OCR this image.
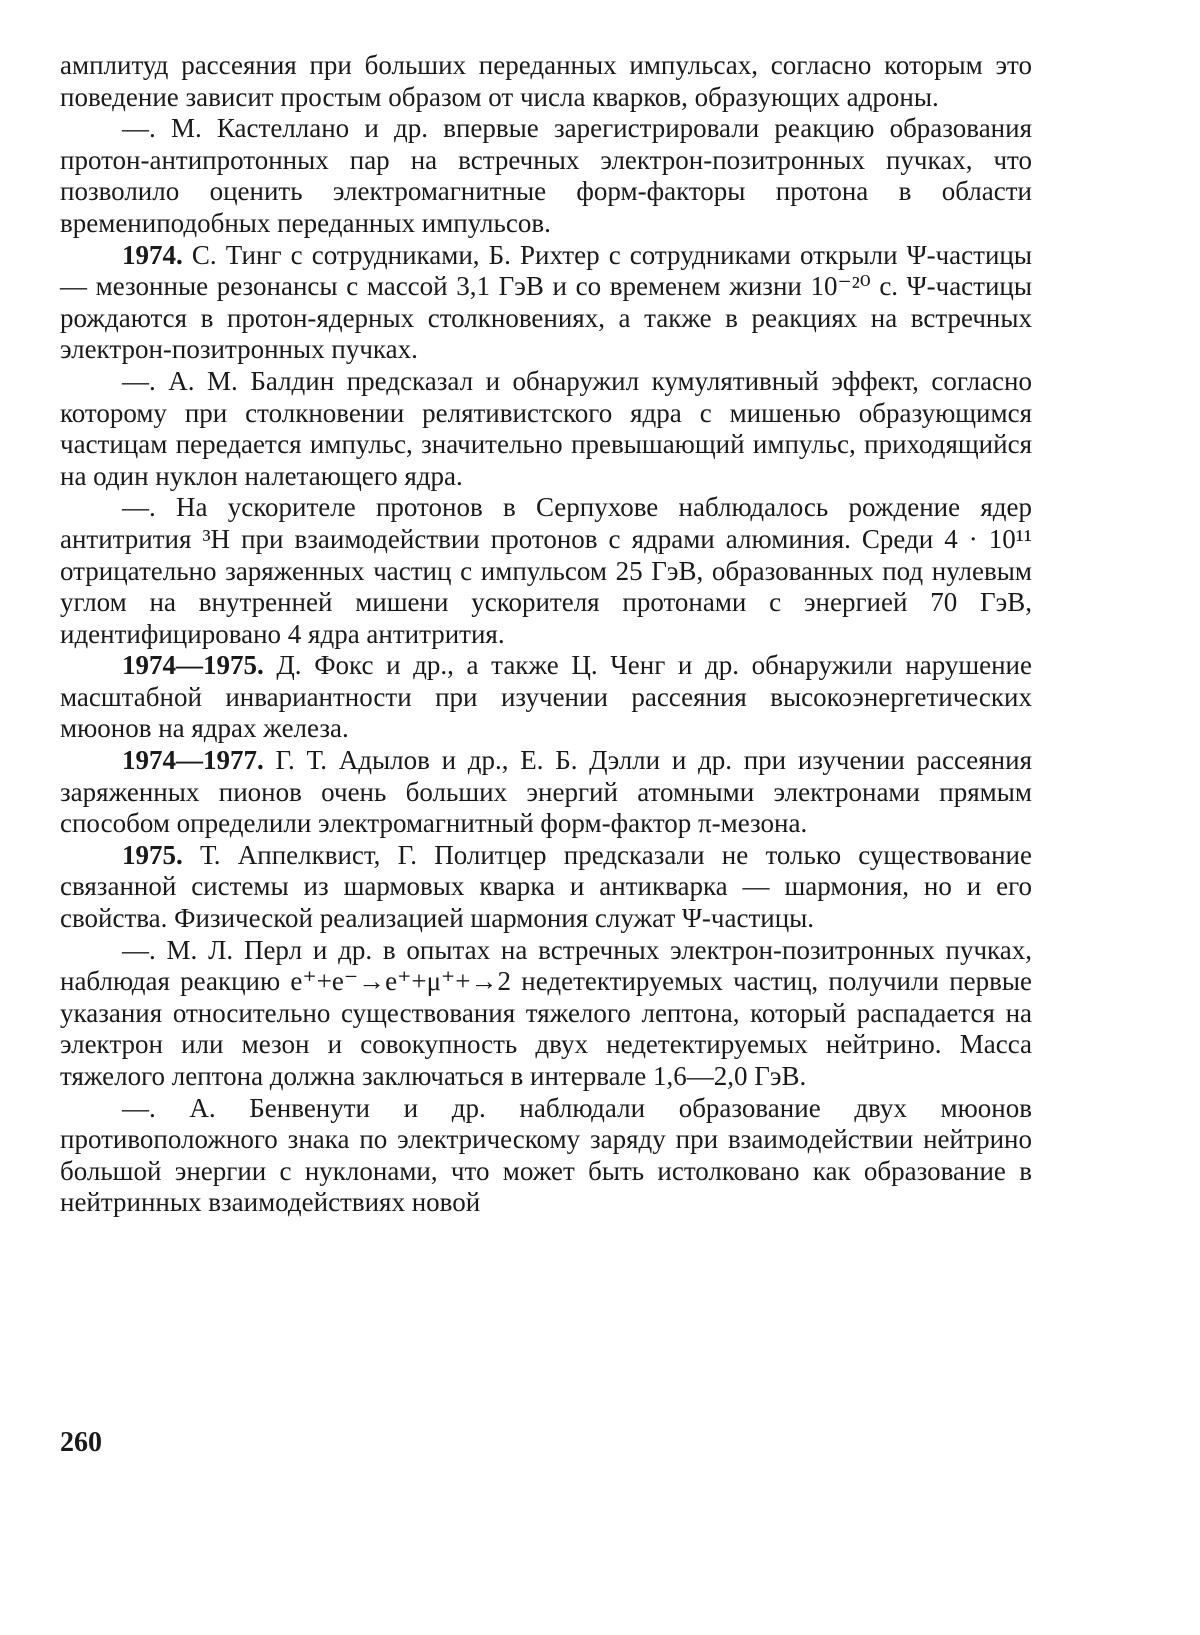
амплитуд рассеяния при больших переданных импульсах, согласно которым это поведение зависит простым образом от числа кварков, образующих адроны.

—. М. Кастеллано и др. впервые зарегистрировали реакцию образования протон-антипротонных пар на встречных электрон-позитронных пучках, что позволило оценить электромагнитные форм-факторы протона в области времениподобных переданных импульсов.

1974. С. Тинг с сотрудниками, Б. Рихтер с сотрудниками открыли Ψ-частицы — мезонные резонансы с массой 3,1 ГэВ и со временем жизни 10⁻²⁰ с. Ψ-частицы рождаются в протон-ядерных столкновениях, а также в реакциях на встречных электрон-позитронных пучках.

—. А. М. Балдин предсказал и обнаружил кумулятивный эффект, согласно которому при столкновении релятивистского ядра с мишенью образующимся частицам передается импульс, значительно превышающий импульс, приходящийся на один нуклон налетающего ядра.

—. На ускорителе протонов в Серпухове наблюдалось рождение ядер антитрития ³H при взаимодействии протонов с ядрами алюминия. Среди 4 · 10¹¹ отрицательно заряженных частиц с импульсом 25 ГэВ, образованных под нулевым углом на внутренней мишени ускорителя протонами с энергией 70 ГэВ, идентифицировано 4 ядра антитрития.

1974—1975. Д. Фокс и др., а также Ц. Ченг и др. обнаружили нарушение масштабной инвариантности при изучении рассеяния высокоэнергетических мюонов на ядрах железа.

1974—1977. Г. Т. Адылов и др., Е. Б. Дэлли и др. при изучении рассеяния заряженных пионов очень больших энергий атомными электронами прямым способом определили электромагнитный форм-фактор π-мезона.

1975. Т. Аппелквист, Г. Политцер предсказали не только существование связанной системы из шармовых кварка и антикварка — шармония, но и его свойства. Физической реализацией шармония служат Ψ-частицы.

—. М. Л. Перл и др. в опытах на встречных электрон-позитронных пучках, наблюдая реакцию e⁺+e⁻→e⁺+μ⁺+→2 недетектируемых частиц, получили первые указания относительно существования тяжелого лептона, который распадается на электрон или мезон и совокупность двух недетектируемых нейтрино. Масса тяжелого лептона должна заключаться в интервале 1,6—2,0 ГэВ.

—. А. Бенвенути и др. наблюдали образование двух мюонов противоположного знака по электрическому заряду при взаимодействии нейтрино большой энергии с нуклонами, что может быть истолковано как образование в нейтринных взаимодействиях новой

260
